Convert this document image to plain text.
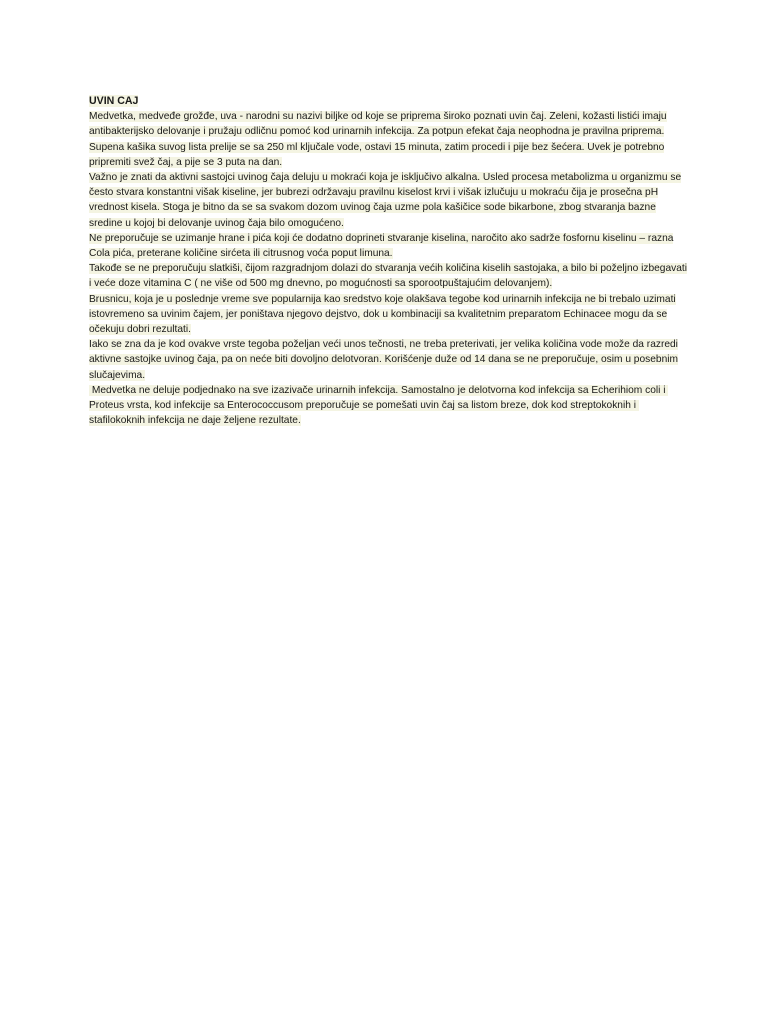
UVIN CAJ

Medvetka, medveđe grožđe, uva - narodni su nazivi biljke od koje se priprema široko poznati uvin čaj. Zeleni, kožasti listići imaju antibakterijsko delovanje i pružaju odličnu pomoć kod urinarnih infekcija. Za potpun efekat čaja neophodna je pravilna priprema. Supena kašika suvog lista prelije se sa 250 ml ključale vode, ostavi 15 minuta, zatim procedi i pije bez šećera. Uvek je potrebno pripremiti svež čaj, a pije se 3 puta na dan.

Važno je znati da aktivni sastojci uvinog čaja deluju u mokraći koja je isključivo alkalna. Usled procesa metabolizma u organizmu se često stvara konstantni višak kiseline, jer bubrezi održavaju pravilnu kiselost krvi i višak izlučuju u mokraću čija je prosečna pH vrednost kisela. Stoga je bitno da se sa svakom dozom uvinog čaja uzme pola kašičice sode bikarbone, zbog stvaranja bazne sredine u kojoj bi delovanje uvinog čaja bilo omogućeno.

Ne preporučuje se uzimanje hrane i pića koji će dodatno doprineti stvaranje kiselina, naročito ako sadrže fosfornu kiselinu – razna Cola pića, preterane količine sirćeta ili citrusnog voća poput limuna.

Takođe se ne preporučuju slatkiši, čijom razgradnjom dolazi do stvaranja većih količina kiselih sastojaka, a bilo bi poželjno izbegavati i veće doze vitamina C ( ne više od 500 mg dnevno, po mogućnosti sa sporootpuštajućim delovanjem).

Brusnicu, koja je u poslednje vreme sve popularnija kao sredstvo koje olakšava tegobe kod urinarnih infekcija ne bi trebalo uzimati istovremeno sa uvinim čajem, jer poništava njegovo dejstvo, dok u kombinaciji sa kvalitetnim preparatom Echinacee mogu da se očekuju dobri rezultati.

Iako se zna da je kod ovakve vrste tegoba poželjan veći unos tečnosti, ne treba preterivati, jer velika količina vode može da razredi aktivne sastojke uvinog čaja, pa on neće biti dovoljno delotvoran. Korišćenje duže od 14 dana se ne preporučuje, osim u posebnim slučajevima.

Medvetka ne deluje podjednako na sve izazivače urinarnih infekcija. Samostalno je delotvorna kod infekcija sa Echerihiom coli i Proteus vrsta, kod infekcije sa Enterococcusom preporučuje se pomešati uvin čaj sa listom breze, dok kod streptokoknih i stafilokoknih infekcija ne daje željene rezultate.
